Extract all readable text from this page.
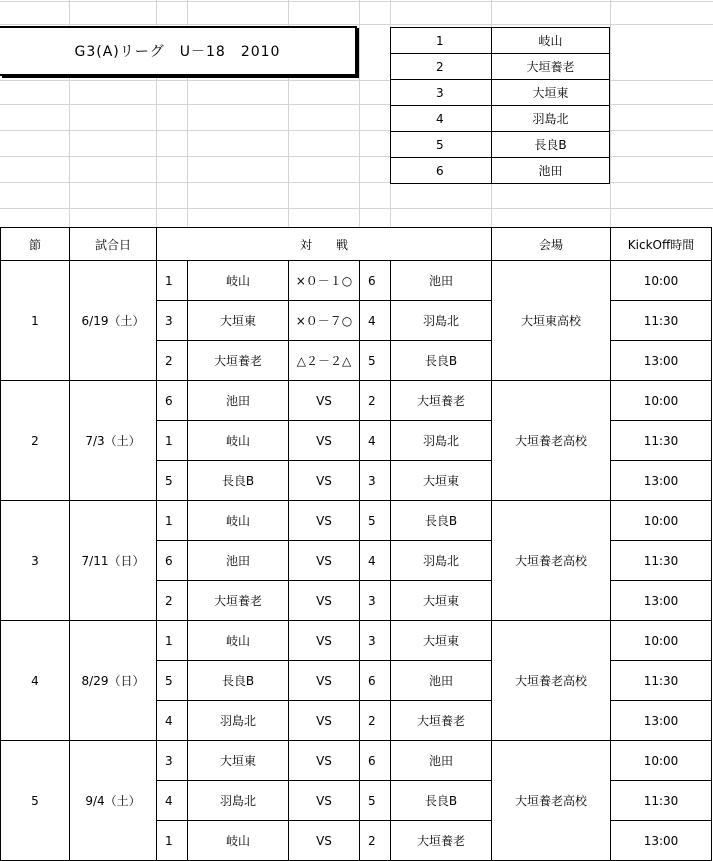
G3(A)リーグ　U－18　2010
1	岐山
2	大垣養老
3	大垣東
4	羽島北
5	長良B
6	池田
節	試合日	対　　戦					会場	KickOff時間
1	6/19（土）	1	岐山	×０－１○	6	池田	大垣東高校	10:00
		3	大垣東	×０－７○	4	羽島北		11:30
		2	大垣養老	△２－２△	5	長良B		13:00
2	7/3（土）	6	池田	VS	2	大垣養老	大垣養老高校	10:00
		1	岐山	VS	4	羽島北		11:30
		5	長良B	VS	3	大垣東		13:00
3	7/11（日）	1	岐山	VS	5	長良B	大垣養老高校	10:00
		6	池田	VS	4	羽島北		11:30
		2	大垣養老	VS	3	大垣東		13:00
4	8/29（日）	1	岐山	VS	3	大垣東	大垣養老高校	10:00
		5	長良B	VS	6	池田		11:30
		4	羽島北	VS	2	大垣養老		13:00
5	9/4（土）	3	大垣東	VS	6	池田	大垣養老高校	10:00
		4	羽島北	VS	5	長良B		11:30
		1	岐山	VS	2	大垣養老		13:00
